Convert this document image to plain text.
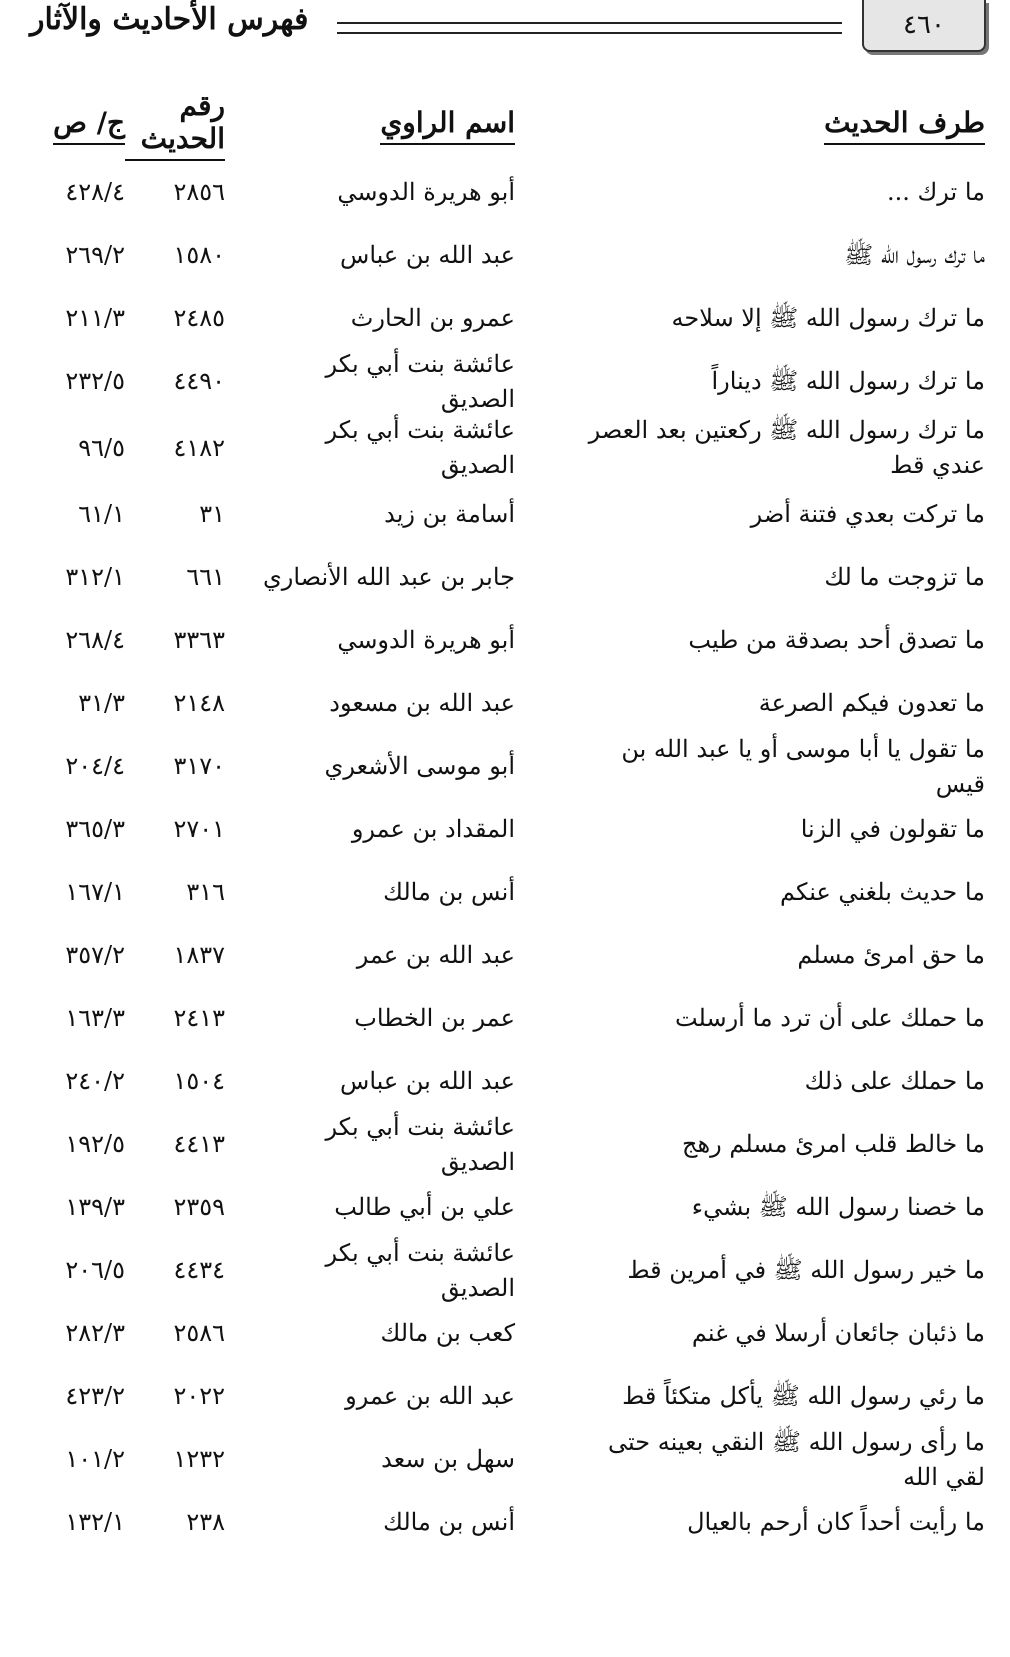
٤٦٠
فهرس الأحاديث والآثار
طرف الحديث
اسم الراوي
رقم الحديث
ج/ ص
ما ترك ...
أبو هريرة الدوسي
٢٨٥٦
٤٢٨/٤
ما ترك رسول الله ﷺ
عبد الله بن عباس
١٥٨٠
٢٦٩/٢
ما ترك رسول الله ﷺ إلا سلاحه
عمرو بن الحارث
٢٤٨٥
٢١١/٣
ما ترك رسول الله ﷺ ديناراً
عائشة بنت أبي بكر الصديق
٤٤٩٠
٢٣٢/٥
ما ترك رسول الله ﷺ ركعتين بعد العصر عندي قط
عائشة بنت أبي بكر الصديق
٤١٨٢
٩٦/٥
ما تركت بعدي فتنة أضر
أسامة بن زيد
٣١
٦١/١
ما تزوجت ما لك
جابر بن عبد الله الأنصاري
٦٦١
٣١٢/١
ما تصدق أحد بصدقة من طيب
أبو هريرة الدوسي
٣٣٦٣
٢٦٨/٤
ما تعدون فيكم الصرعة
عبد الله بن مسعود
٢١٤٨
٣١/٣
ما تقول يا أبا موسى أو يا عبد الله بن قيس
أبو موسى الأشعري
٣١٧٠
٢٠٤/٤
ما تقولون في الزنا
المقداد بن عمرو
٢٧٠١
٣٦٥/٣
ما حديث بلغني عنكم
أنس بن مالك
٣١٦
١٦٧/١
ما حق امرئ مسلم
عبد الله بن عمر
١٨٣٧
٣٥٧/٢
ما حملك على أن ترد ما أرسلت
عمر بن الخطاب
٢٤١٣
١٦٣/٣
ما حملك على ذلك
عبد الله بن عباس
١٥٠٤
٢٤٠/٢
ما خالط قلب امرئ مسلم رهج
عائشة بنت أبي بكر الصديق
٤٤١٣
١٩٢/٥
ما خصنا رسول الله ﷺ بشيء
علي بن أبي طالب
٢٣٥٩
١٣٩/٣
ما خير رسول الله ﷺ في أمرين قط
عائشة بنت أبي بكر الصديق
٤٤٣٤
٢٠٦/٥
ما ذئبان جائعان أرسلا في غنم
كعب بن مالك
٢٥٨٦
٢٨٢/٣
ما رئي رسول الله ﷺ يأكل متكئاً قط
عبد الله بن عمرو
٢٠٢٢
٤٢٣/٢
ما رأى رسول الله ﷺ النقي بعينه حتى لقي الله
سهل بن سعد
١٢٣٢
١٠١/٢
ما رأيت أحداً كان أرحم بالعيال
أنس بن مالك
٢٣٨
١٣٢/١
